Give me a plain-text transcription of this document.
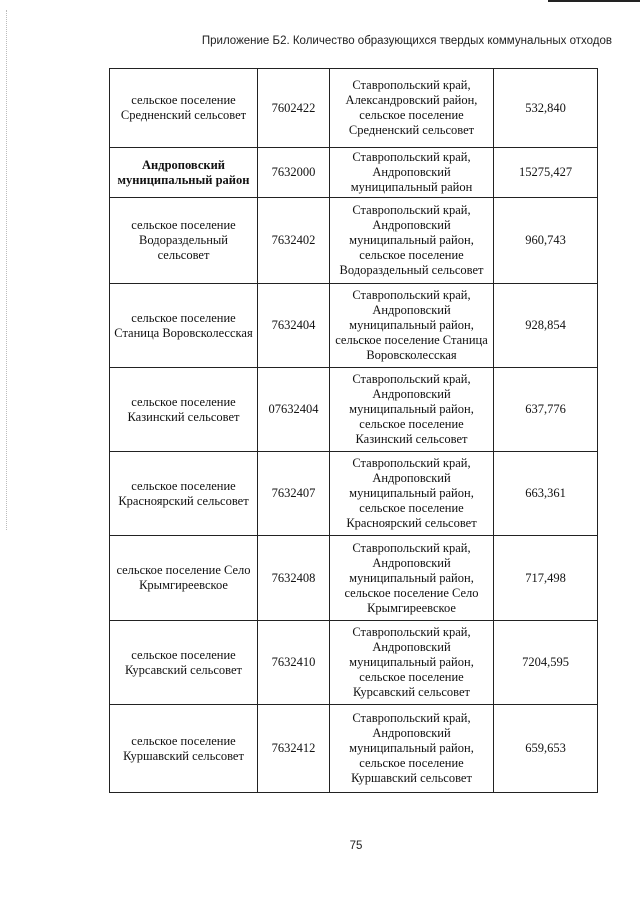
Приложение Б2. Количество образующихся твердых коммунальных отходов
сельское поселение Средненский сельсовет	7602422	Ставропольский край, Александровский район, сельское поселение Средненский сельсовет	532,840
Андроповский муниципальный район	7632000	Ставропольский край, Андроповский муниципальный район	15275,427
сельское поселение Водораздельный сельсовет	7632402	Ставропольский край, Андроповский муниципальный район, сельское поселение Водораздельный сельсовет	960,743
сельское поселение Станица Воровсколесская	7632404	Ставропольский край, Андроповский муниципальный район, сельское поселение Станица Воровсколесская	928,854
сельское поселение Казинский сельсовет	07632404	Ставропольский край, Андроповский муниципальный район, сельское поселение Казинский сельсовет	637,776
сельское поселение Красноярский сельсовет	7632407	Ставропольский край, Андроповский муниципальный район, сельское поселение Красноярский сельсовет	663,361
сельское поселение Село Крымгиреевское	7632408	Ставропольский край, Андроповский муниципальный район, сельское поселение Село Крымгиреевское	717,498
сельское поселение Курсавский сельсовет	7632410	Ставропольский край, Андроповский муниципальный район, сельское поселение Курсавский сельсовет	7204,595
сельское поселение Куршавский сельсовет	7632412	Ставропольский край, Андроповский муниципальный район, сельское поселение Куршавский сельсовет	659,653
75
